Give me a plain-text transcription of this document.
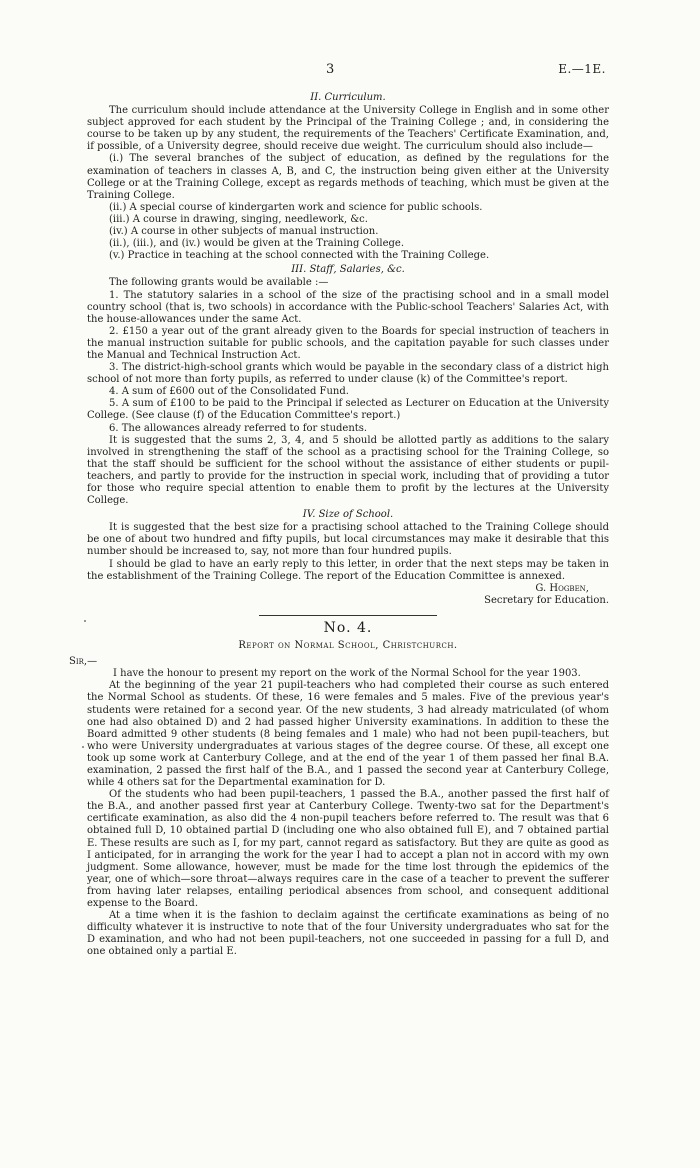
3	E.—1E.

II. Curriculum.

The curriculum should include attendance at the University College in English and in some other subject approved for each student by the Principal of the Training College ; and, in considering the course to be taken up by any student, the requirements of the Teachers' Certificate Examination, and, if possible, of a University degree, should receive due weight. The curriculum should also include—

(i.) The several branches of the subject of education, as defined by the regulations for the examination of teachers in classes A, B, and C, the instruction being given either at the University College or at the Training College, except as regards methods of teaching, which must be given at the Training College.

(ii.) A special course of kindergarten work and science for public schools.

(iii.) A course in drawing, singing, needlework, &c.

(iv.) A course in other subjects of manual instruction.

(ii.), (iii.), and (iv.) would be given at the Training College.

(v.) Practice in teaching at the school connected with the Training College.

III. Staff, Salaries, &c.

The following grants would be available :—

1. The statutory salaries in a school of the size of the practising school and in a small model country school (that is, two schools) in accordance with the Public-school Teachers' Salaries Act, with the house-allowances under the same Act.

2. £150 a year out of the grant already given to the Boards for special instruction of teachers in the manual instruction suitable for public schools, and the capitation payable for such classes under the Manual and Technical Instruction Act.

3. The district-high-school grants which would be payable in the secondary class of a district high school of not more than forty pupils, as referred to under clause (k) of the Committee's report.

4. A sum of £600 out of the Consolidated Fund.

5. A sum of £100 to be paid to the Principal if selected as Lecturer on Education at the University College. (See clause (f) of the Education Committee's report.)

6. The allowances already referred to for students.

It is suggested that the sums 2, 3, 4, and 5 should be allotted partly as additions to the salary involved in strengthening the staff of the school as a practising school for the Training College, so that the staff should be sufficient for the school without the assistance of either students or pupil-teachers, and partly to provide for the instruction in special work, including that of providing a tutor for those who require special attention to enable them to profit by the lectures at the University College.

IV. Size of School.

It is suggested that the best size for a practising school attached to the Training College should be one of about two hundred and fifty pupils, but local circumstances may make it desirable that this number should be increased to, say, not more than four hundred pupils.

I should be glad to have an early reply to this letter, in order that the next steps may be taken in the establishment of the Training College. The report of the Education Committee is annexed.

G. Hogben,

Secretary for Education.

No. 4.

Report on Normal School, Christchurch.

Sir,—

I have the honour to present my report on the work of the Normal School for the year 1903.

At the beginning of the year 21 pupil-teachers who had completed their course as such entered the Normal School as students. Of these, 16 were females and 5 males. Five of the previous year's students were retained for a second year. Of the new students, 3 had already matriculated (of whom one had also obtained D) and 2 had passed higher University examinations. In addition to these the Board admitted 9 other students (8 being females and 1 male) who had not been pupil-teachers, but who were University undergraduates at various stages of the degree course. Of these, all except one took up some work at Canterbury College, and at the end of the year 1 of them passed her final B.A. examination, 2 passed the first half of the B.A., and 1 passed the second year at Canterbury College, while 4 others sat for the Departmental examination for D.

Of the students who had been pupil-teachers, 1 passed the B.A., another passed the first half of the B.A., and another passed first year at Canterbury College. Twenty-two sat for the Department's certificate examination, as also did the 4 non-pupil teachers before referred to. The result was that 6 obtained full D, 10 obtained partial D (including one who also obtained full E), and 7 obtained partial E. These results are such as I, for my part, cannot regard as satisfactory. But they are quite as good as I anticipated, for in arranging the work for the year I had to accept a plan not in accord with my own judgment. Some allowance, however, must be made for the time lost through the epidemics of the year, one of which—sore throat—always requires care in the case of a teacher to prevent the sufferer from having later relapses, entailing periodical absences from school, and consequent additional expense to the Board.

At a time when it is the fashion to declaim against the certificate examinations as being of no difficulty whatever it is instructive to note that of the four University undergraduates who sat for the D examination, and who had not been pupil-teachers, not one succeeded in passing for a full D, and one obtained only a partial E.
